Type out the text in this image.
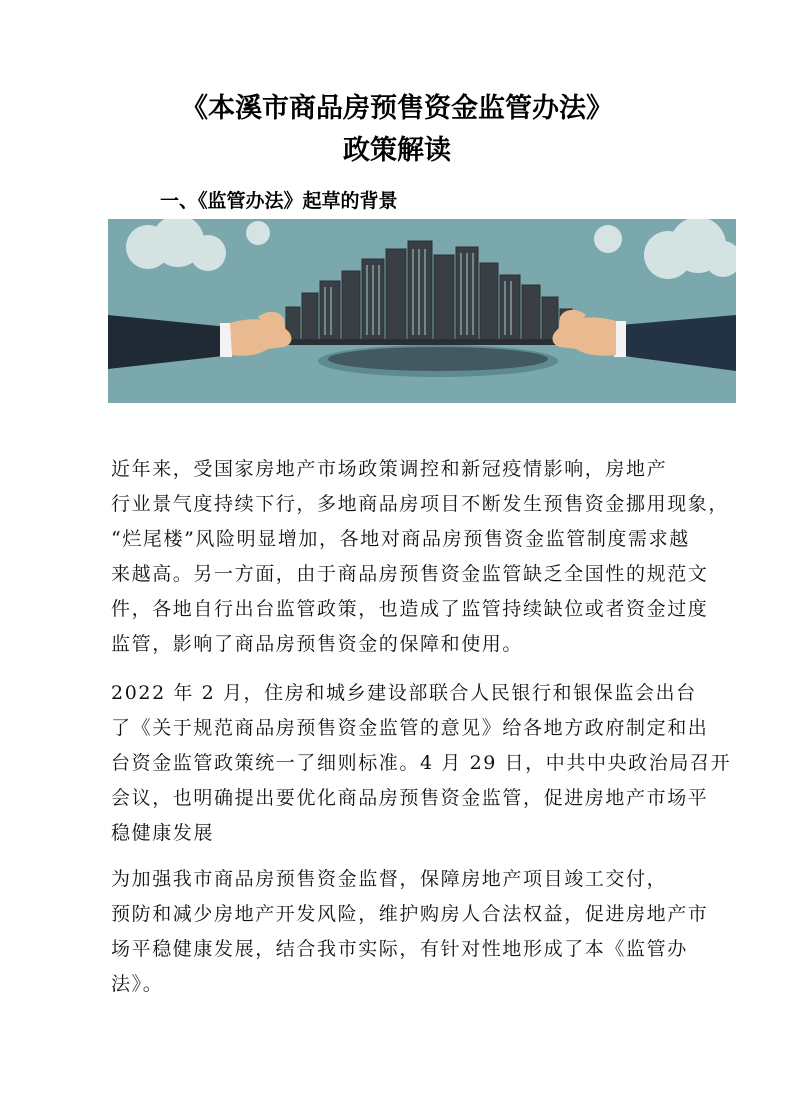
《本溪市商品房预售资金监管办法》
政策解读
一、《监管办法》起草的背景
近年来，受国家房地产市场政策调控和新冠疫情影响，房地产
行业景气度持续下行，多地商品房项目不断发生预售资金挪用现象，
“烂尾楼”风险明显增加，各地对商品房预售资金监管制度需求越
来越高。另一方面，由于商品房预售资金监管缺乏全国性的规范文
件，各地自行出台监管政策，也造成了监管持续缺位或者资金过度
监管，影响了商品房预售资金的保障和使用。
2022 年 2 月，住房和城乡建设部联合人民银行和银保监会出台
了《关于规范商品房预售资金监管的意见》给各地方政府制定和出
台资金监管政策统一了细则标准。4 月 29 日，中共中央政治局召开
会议，也明确提出要优化商品房预售资金监管，促进房地产市场平
稳健康发展
为加强我市商品房预售资金监督，保障房地产项目竣工交付，
预防和减少房地产开发风险，维护购房人合法权益，促进房地产市
场平稳健康发展，结合我市实际，有针对性地形成了本《监管办
法》。
